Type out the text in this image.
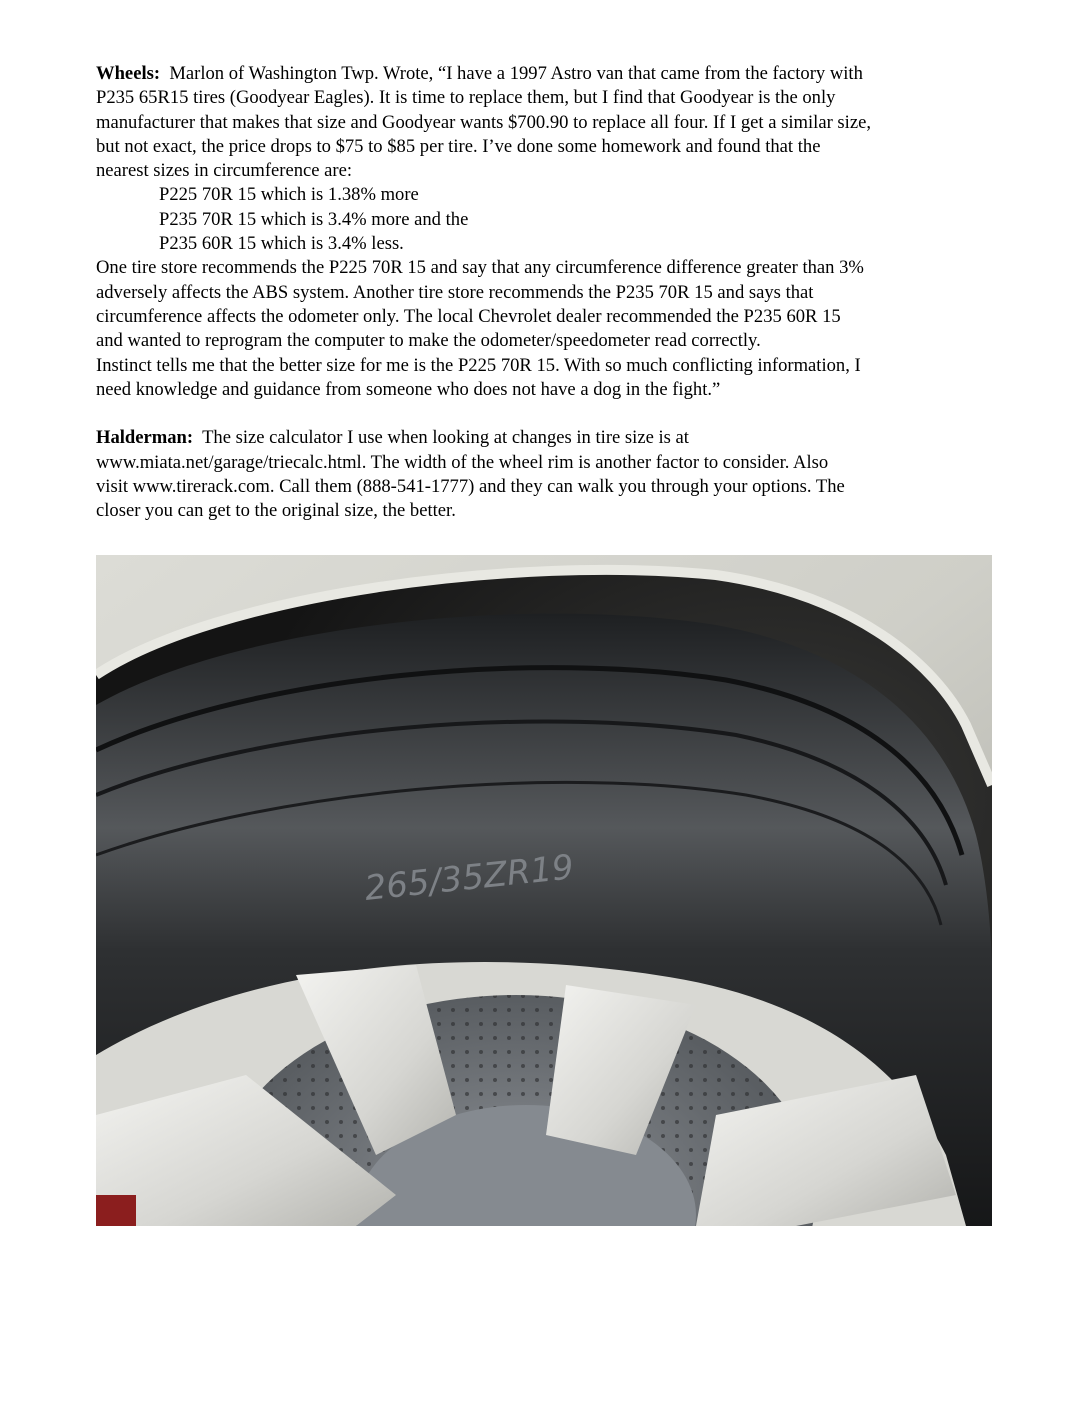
Wheels: Marlon of Washington Twp. Wrote, “I have a 1997 Astro van that came from the factory with

P235 65R15 tires (Goodyear Eagles). It is time to replace them, but I find that Goodyear is the only

manufacturer that makes that size and Goodyear wants $700.90 to replace all four. If I get a similar size,

but not exact, the price drops to $75 to $85 per tire. I’ve done some homework and found that the

nearest sizes in circumference are:

P225 70R 15 which is 1.38% more

P235 70R 15 which is 3.4% more and the

P235 60R 15 which is 3.4% less.

One tire store recommends the P225 70R 15 and say that any circumference difference greater than 3%

adversely affects the ABS system. Another tire store recommends the P235 70R 15 and says that

circumference affects the odometer only. The local Chevrolet dealer recommended the P235 60R 15

and wanted to reprogram the computer to make the odometer/speedometer read correctly.

Instinct tells me that the better size for me is the P225 70R 15. With so much conflicting information, I

need knowledge and guidance from someone who does not have a dog in the fight.”

Halderman: The size calculator I use when looking at changes in tire size is at

www.miata.net/garage/triecalc.html. The width of the wheel rim is another factor to consider. Also

visit www.tirerack.com. Call them (888-541-1777) and they can walk you through your options. The

closer you can get to the original size, the better.

265/35ZR19
